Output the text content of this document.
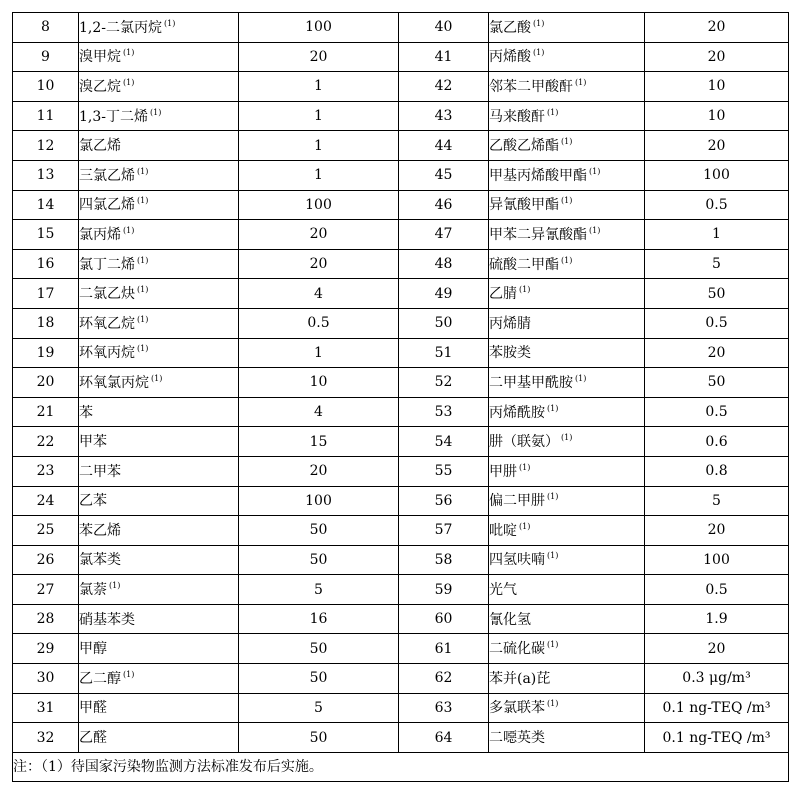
8	1,2-二氯丙烷 $^{(1)}$	100	40	氯乙酸 $^{(1)}$	20
9	溴甲烷 $^{(1)}$	20	41	丙烯酸 $^{(1)}$	20
10	溴乙烷 $^{(1)}$	1	42	邻苯二甲酸酐 $^{(1)}$	10
11	1,3-丁二烯 $^{(1)}$	1	43	马来酸酐 $^{(1)}$	10
12	氯乙烯	1	44	乙酸乙烯酯 $^{(1)}$	20
13	三氯乙烯 $^{(1)}$	1	45	甲基丙烯酸甲酯 $^{(1)}$	100
14	四氯乙烯 $^{(1)}$	100	46	异氰酸甲酯 $^{(1)}$	0.5
15	氯丙烯 $^{(1)}$	20	47	甲苯二异氰酸酯 $^{(1)}$	1
16	氯丁二烯 $^{(1)}$	20	48	硫酸二甲酯 $^{(1)}$	5
17	二氯乙炔 $^{(1)}$	4	49	乙腈 $^{(1)}$	50
18	环氧乙烷 $^{(1)}$	0.5	50	丙烯腈	0.5
19	环氧丙烷 $^{(1)}$	1	51	苯胺类	20
20	环氧氯丙烷 $^{(1)}$	10	52	二甲基甲酰胺 $^{(1)}$	50
21	苯	4	53	丙烯酰胺 $^{(1)}$	0.5
22	甲苯	15	54	肼（联氨） $^{(1)}$	0.6
23	二甲苯	20	55	甲肼 $^{(1)}$	0.8
24	乙苯	100	56	偏二甲肼 $^{(1)}$	5
25	苯乙烯	50	57	吡啶 $^{(1)}$	20
26	氯苯类	50	58	四氢呋喃 $^{(1)}$	100
27	氯萘 $^{(1)}$	5	59	光气	0.5
28	硝基苯类	16	60	氰化氢	1.9
29	甲醇	50	61	二硫化碳 $^{(1)}$	20
30	乙二醇 $^{(1)}$	50	62	苯并(a)芘	0.3 μg/m³
31	甲醛	5	63	多氯联苯 $^{(1)}$	0.1 ng-TEQ /m³
32	乙醛	50	64	二噁英类	0.1 ng-TEQ /m³
注：（1）待国家污染物监测方法标准发布后实施。					
